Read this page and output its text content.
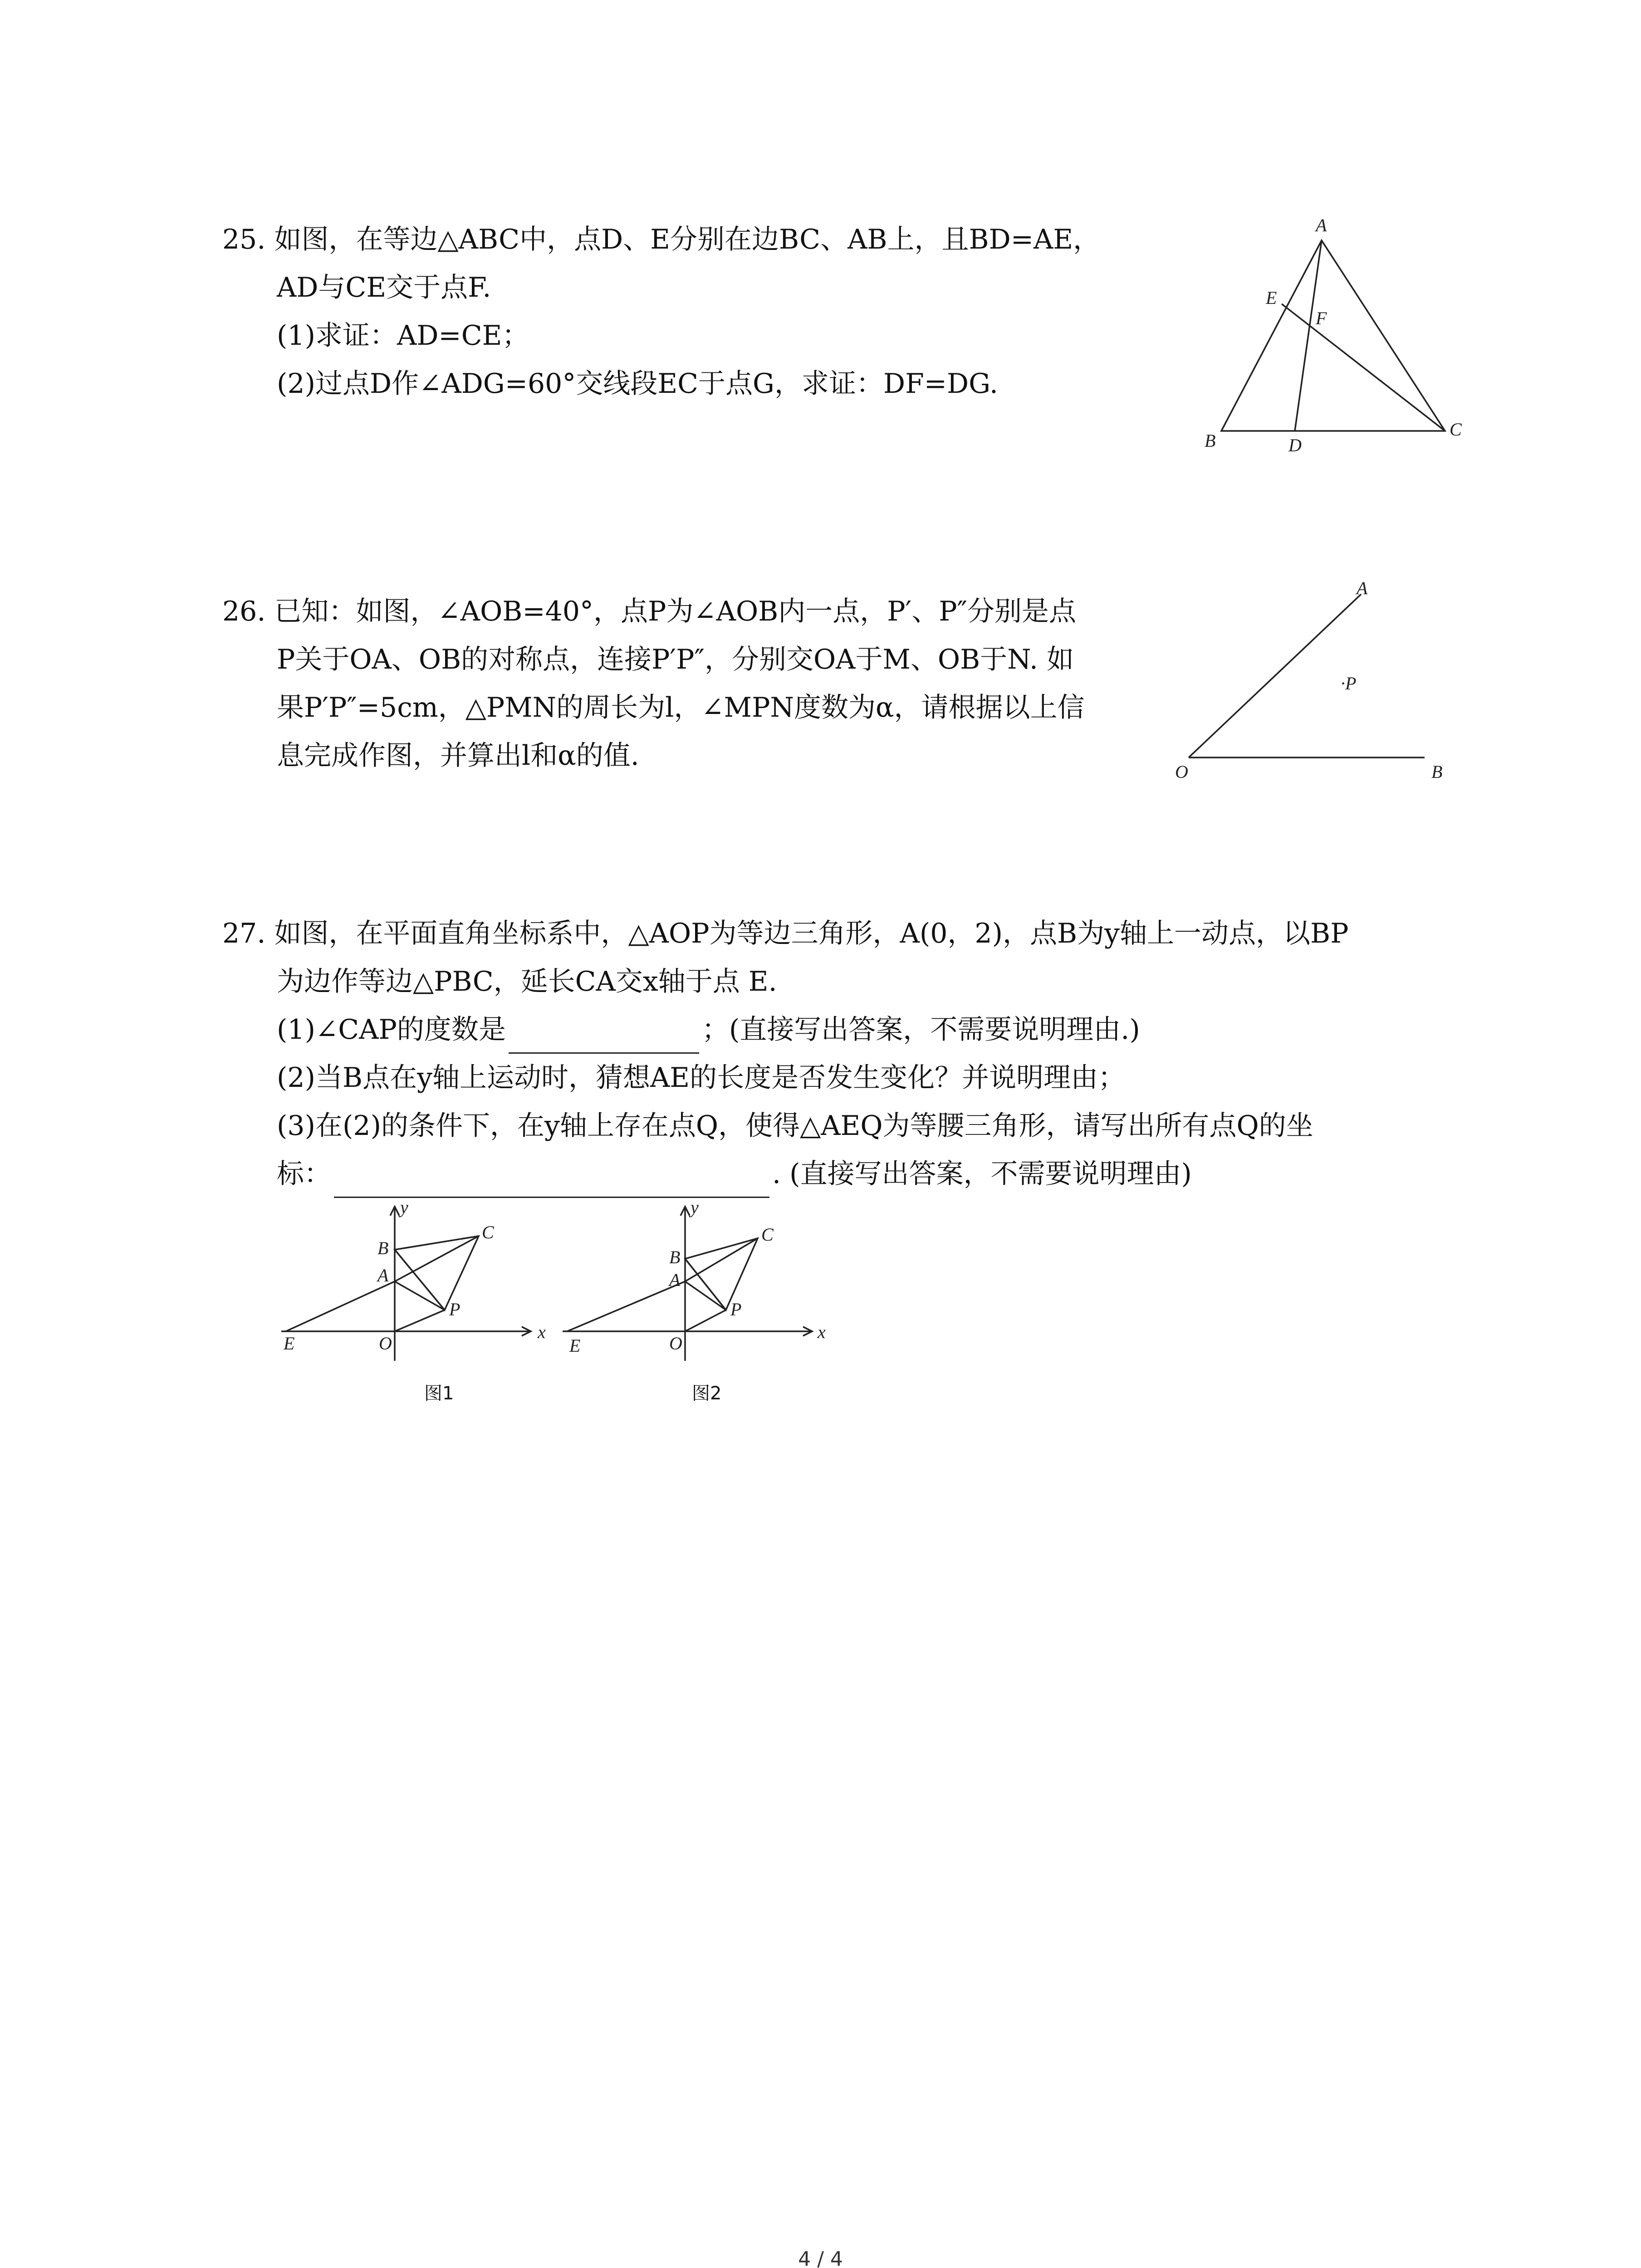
25. 如图，在等边△ABC中，点D、E分别在边BC、AB上，且BD=AE，
AD与CE交于点F.
(1)求证：AD=CE；
(2)过点D作∠ADG=60°交线段EC于点G，求证：DF=DG.
A
E
F
B	D
C
26. 已知：如图，∠AOB=40°，点P为∠AOB内一点，P′、P″分别是点
P关于OA、OB的对称点，连接P′P″，分别交OA于M、OB于N. 如
果P′P″=5cm，△PMN的周长为l，∠MPN度数为α，请根据以上信
息完成作图，并算出l和α的值.
A
·P
O	B
27. 如图，在平面直角坐标系中，△AOP为等边三角形，A(0，2)，点B为y轴上一动点，以BP
为边作等边△PBC，延长CA交x轴于点 E.
(1)∠CAP的度数是	；(直接写出答案，不需要说明理由.)
(2)当B点在y轴上运动时，猜想AE的长度是否发生变化？并说明理由；
(3)在(2)的条件下，在y轴上存在点Q，使得△AEQ为等腰三角形，请写出所有点Q的坐
标：	. (直接写出答案，不需要说明理由)
y
B
C
A
P
E	O
x
图1
y
B
C
A
P
E	O
x
图2
4 / 4
